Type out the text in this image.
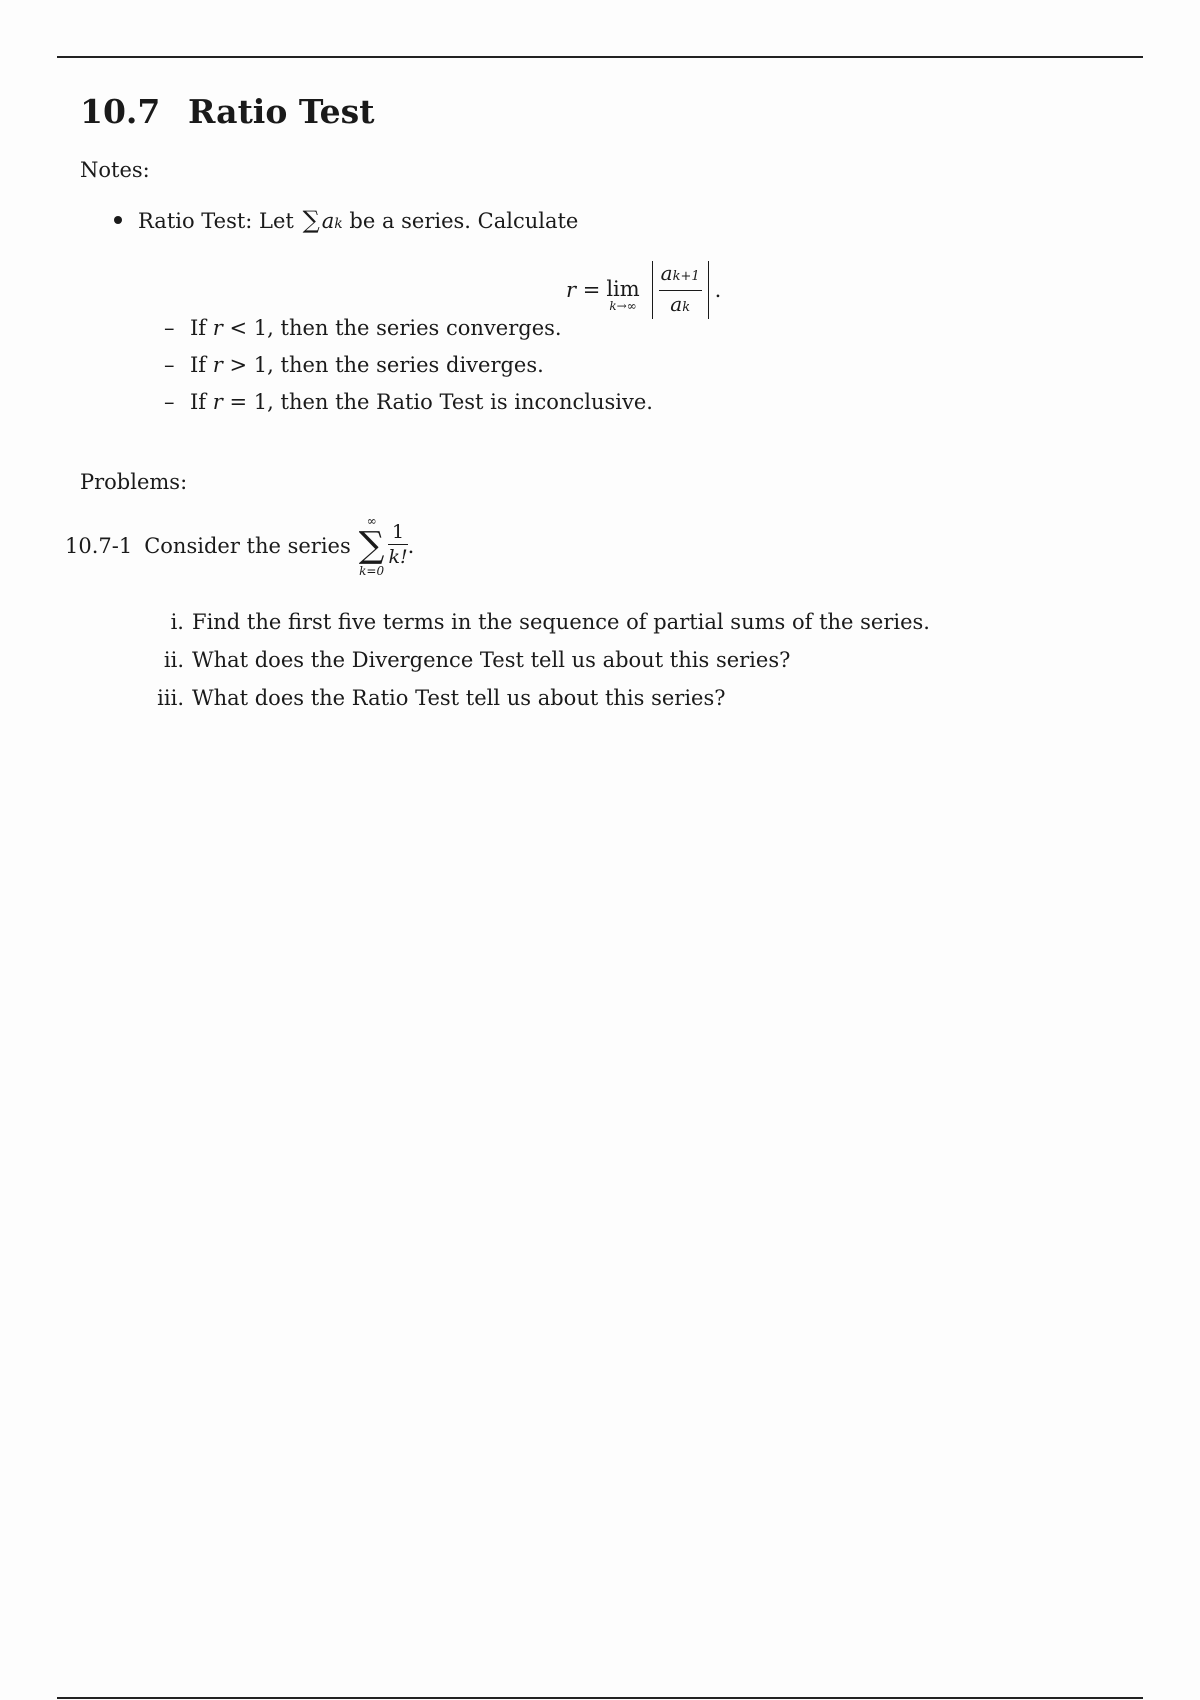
10.7 Ratio Test
Notes:
Ratio Test: Let
∑ a k
be a series. Calculate
r = lim
$k\to\infty \frac{ak+1}{ak}$ .
– If r < 1, then the series converges.
– If r > 1, then the series diverges.
– If r = 1, then the Ratio Test is inconclusive.
Problems:
10.7-1 Consider the series
∞
∑
k=0
$\frac{1}{k!}$ .
i. Find the first five terms in the sequence of partial sums of the series.
ii. What does the Divergence Test tell us about this series?
iii. What does the Ratio Test tell us about this series?
